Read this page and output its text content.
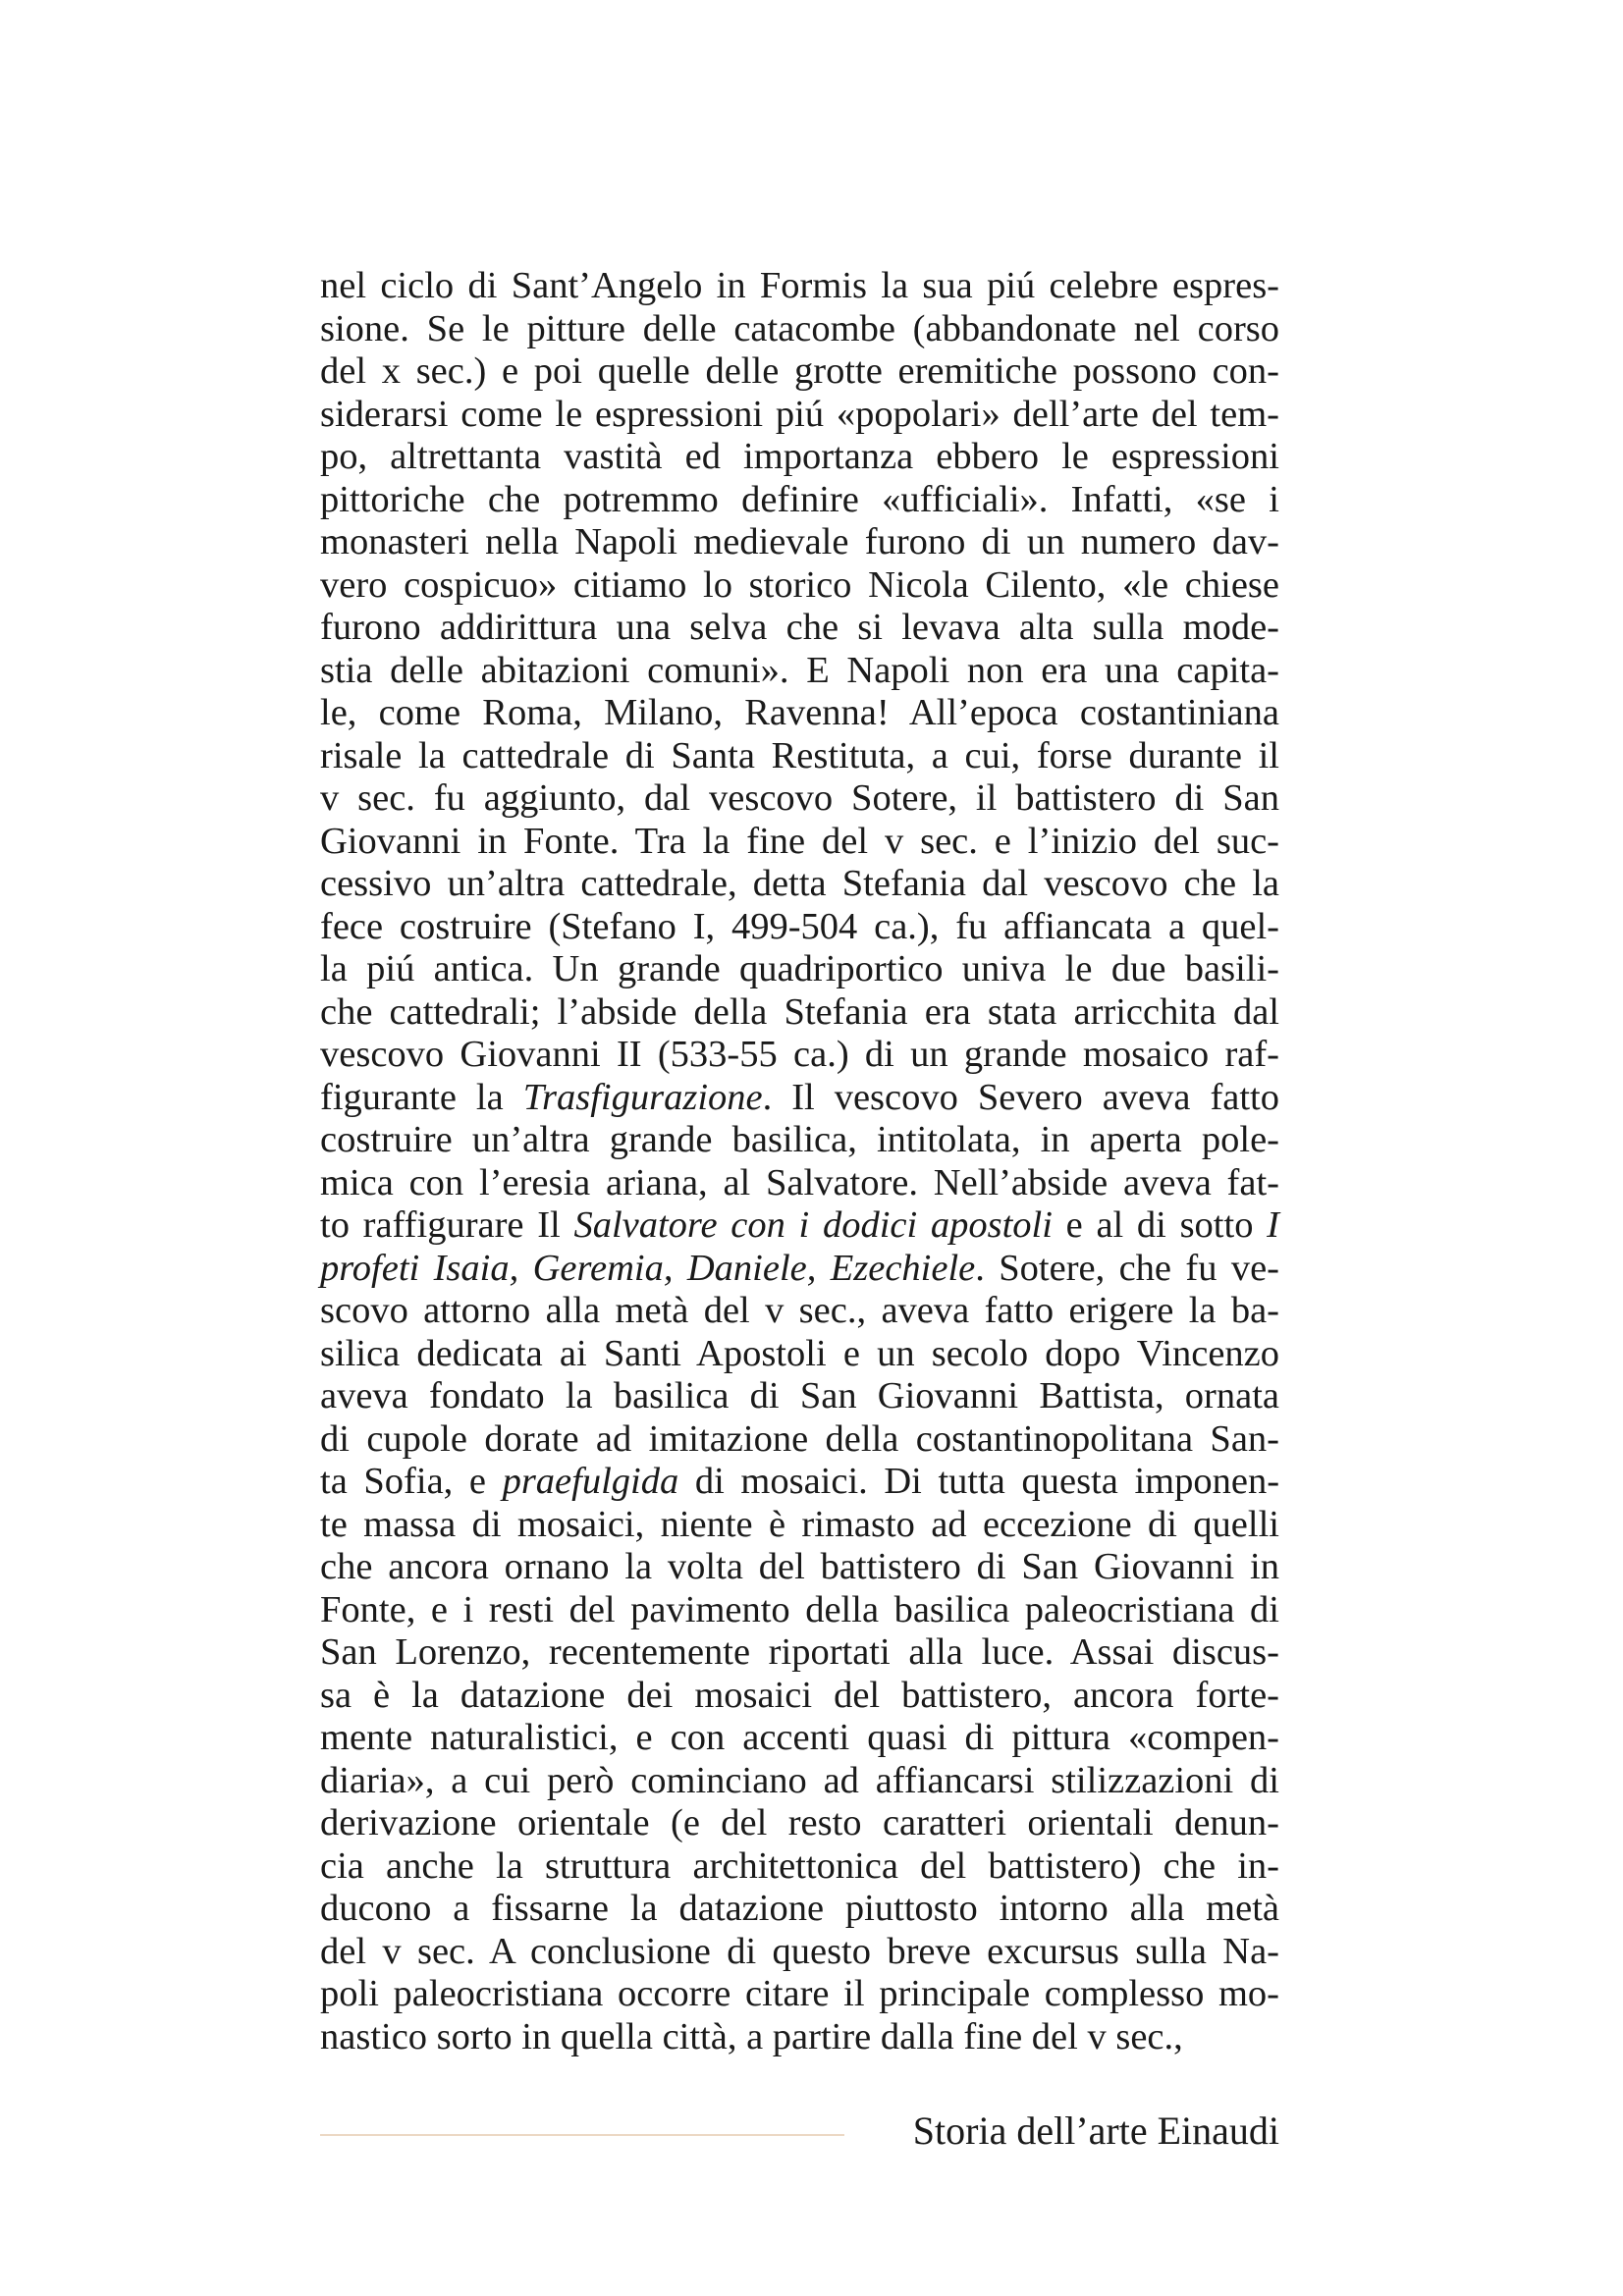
nel ciclo di Sant’Angelo in Formis la sua piú celebre espres-
sione. Se le pitture delle catacombe (abbandonate nel corso
del x sec.) e poi quelle delle grotte eremitiche possono con-
siderarsi come le espressioni piú «popolari» dell’arte del tem-
po, altrettanta vastità ed importanza ebbero le espressioni
pittoriche che potremmo definire «ufficiali». Infatti, «se i
monasteri nella Napoli medievale furono di un numero dav-
vero cospicuo» citiamo lo storico Nicola Cilento, «le chiese
furono addirittura una selva che si levava alta sulla mode-
stia delle abitazioni comuni». E Napoli non era una capita-
le, come Roma, Milano, Ravenna! All’epoca costantiniana
risale la cattedrale di Santa Restituta, a cui, forse durante il
v sec. fu aggiunto, dal vescovo Sotere, il battistero di San
Giovanni in Fonte. Tra la fine del v sec. e l’inizio del suc-
cessivo un’altra cattedrale, detta Stefania dal vescovo che la
fece costruire (Stefano I, 499-504 ca.), fu affiancata a quel-
la piú antica. Un grande quadriportico univa le due basili-
che cattedrali; l’abside della Stefania era stata arricchita dal
vescovo Giovanni II (533-55 ca.) di un grande mosaico raf-
figurante la Trasfigurazione. Il vescovo Severo aveva fatto
costruire un’altra grande basilica, intitolata, in aperta pole-
mica con l’eresia ariana, al Salvatore. Nell’abside aveva fat-
to raffigurare Il Salvatore con i dodici apostoli e al di sotto I
profeti Isaia, Geremia, Daniele, Ezechiele. Sotere, che fu ve-
scovo attorno alla metà del v sec., aveva fatto erigere la ba-
silica dedicata ai Santi Apostoli e un secolo dopo Vincenzo
aveva fondato la basilica di San Giovanni Battista, ornata
di cupole dorate ad imitazione della costantinopolitana San-
ta Sofia, e praefulgida di mosaici. Di tutta questa imponen-
te massa di mosaici, niente è rimasto ad eccezione di quelli
che ancora ornano la volta del battistero di San Giovanni in
Fonte, e i resti del pavimento della basilica paleocristiana di
San Lorenzo, recentemente riportati alla luce. Assai discus-
sa è la datazione dei mosaici del battistero, ancora forte-
mente naturalistici, e con accenti quasi di pittura «compen-
diaria», a cui però cominciano ad affiancarsi stilizzazioni di
derivazione orientale (e del resto caratteri orientali denun-
cia anche la struttura architettonica del battistero) che in-
ducono a fissarne la datazione piuttosto intorno alla metà
del v sec. A conclusione di questo breve excursus sulla Na-
poli paleocristiana occorre citare il principale complesso mo-
nastico sorto in quella città, a partire dalla fine del v sec.,
Storia dell’arte Einaudi
